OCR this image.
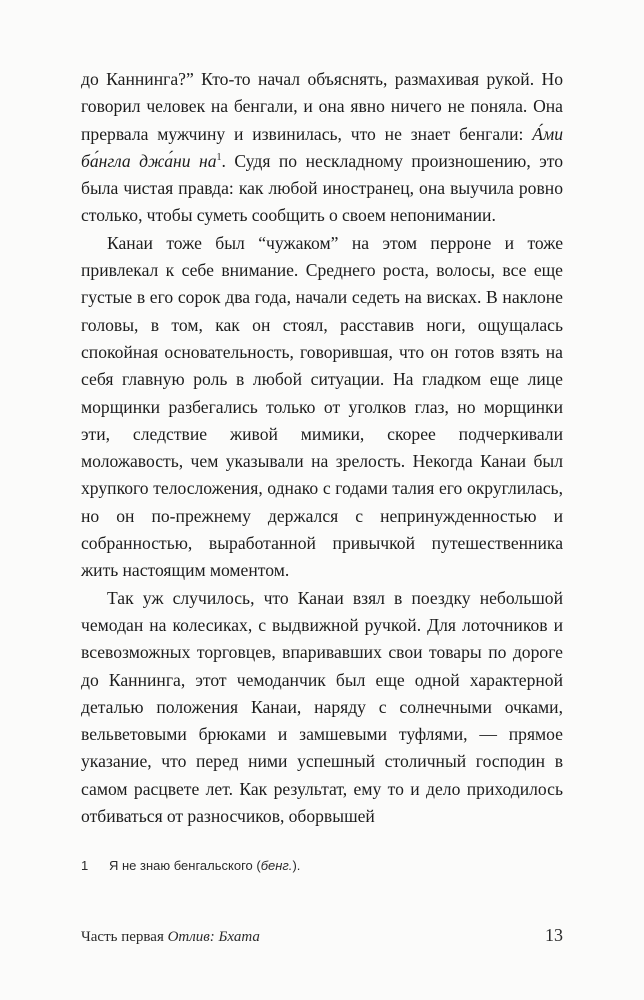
до Каннинга?” Кто-то начал объяснять, размахивая рукой. Но говорил человек на бенгали, и она явно ничего не поняла. Она прервала мужчину и извинилась, что не знает бенгали: А́ми ба́нгла джа́ни на$^1$. Судя по нескладному произношению, это была чистая правда: как любой иностранец, она выучила ровно столько, чтобы суметь сообщить о своем непонимании.

Канаи тоже был “чужаком” на этом перроне и тоже привлекал к себе внимание. Среднего роста, волосы, все еще густые в его сорок два года, начали седеть на висках. В наклоне головы, в том, как он стоял, расставив ноги, ощущалась спокойная основательность, говорившая, что он готов взять на себя главную роль в любой ситуации. На гладком еще лице морщинки разбегались только от уголков глаз, но морщинки эти, следствие живой мимики, скорее подчеркивали моложавость, чем указывали на зрелость. Некогда Канаи был хрупкого телосложения, однако с годами талия его округлилась, но он по-прежнему держался с непринужденностью и собранностью, выработанной привычкой путешественника жить настоящим моментом.

Так уж случилось, что Канаи взял в поездку небольшой чемодан на колесиках, с выдвижной ручкой. Для лоточников и всевозможных торговцев, впаривавших свои товары по дороге до Каннинга, этот чемоданчик был еще одной характерной деталью положения Канаи, наряду с солнечными очками, вельветовыми брюками и замшевыми туфлями, — прямое указание, что перед ними успешный столичный господин в самом расцвете лет. Как результат, ему то и дело приходилось отбиваться от разносчиков, оборвышей

1 Я не знаю бенгальского (бенг.).
Часть первая Отлив: Бхата	13
